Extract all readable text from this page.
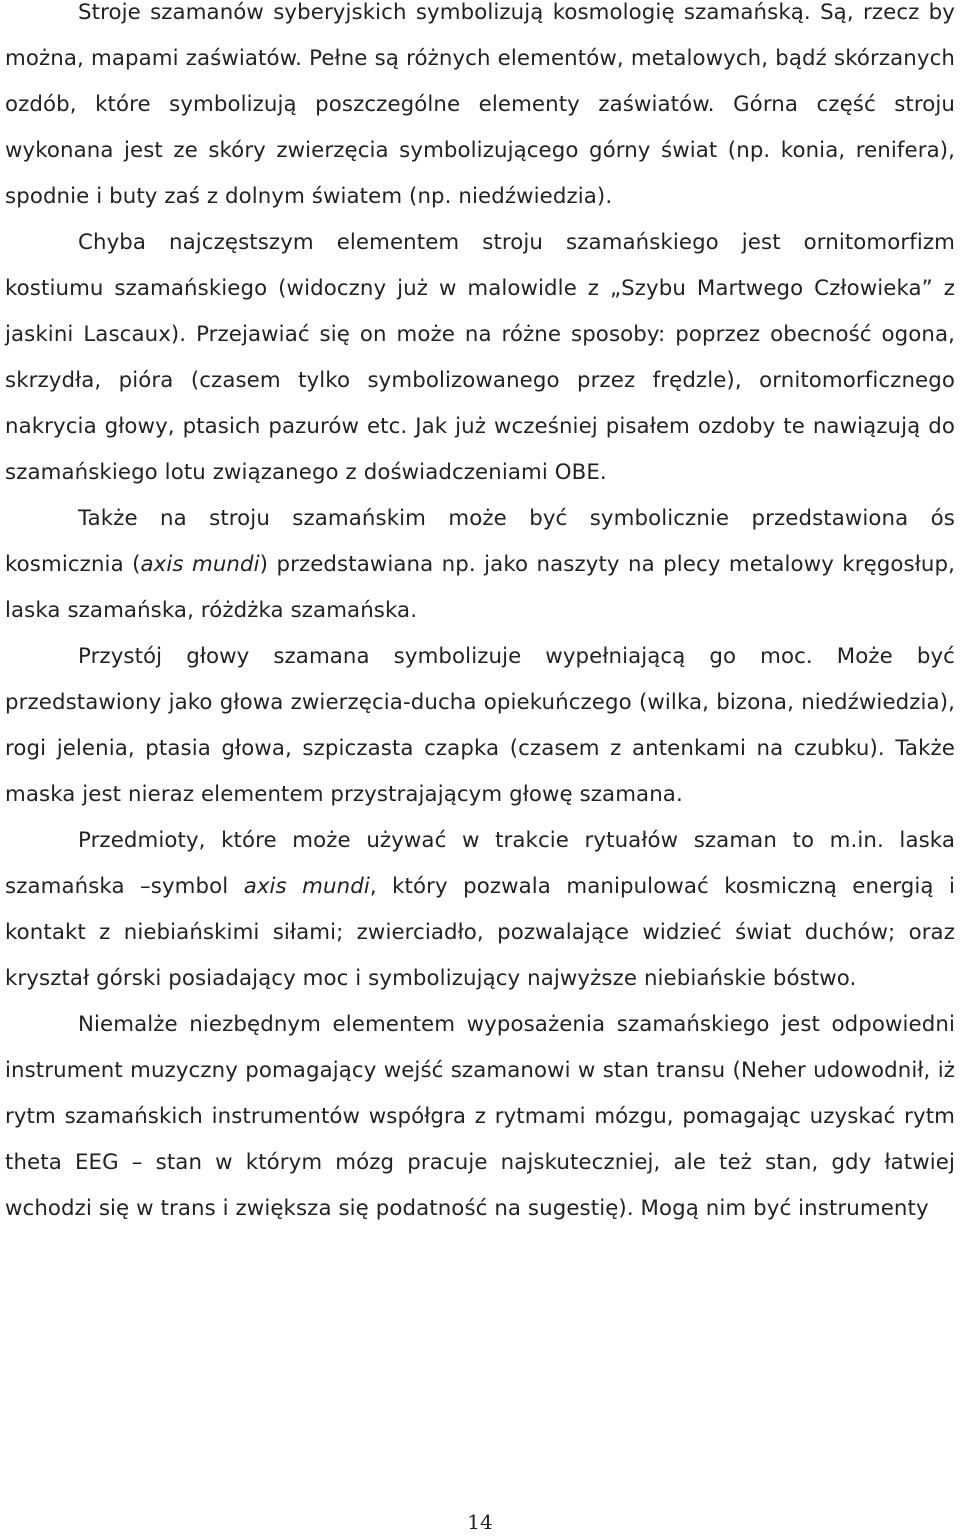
Stroje szamanów syberyjskich symbolizują kosmologię szamańską. Są, rzecz by można, mapami zaświatów. Pełne są różnych elementów, metalowych, bądź skórzanych ozdób, które symbolizują poszczególne elementy zaświatów. Górna część stroju wykonana jest ze skóry zwierzęcia symbolizującego górny świat (np. konia, renifera), spodnie i buty zaś z dolnym światem (np. niedźwiedzia).

Chyba najczęstszym elementem stroju szamańskiego jest ornitomorfizm kostiumu szamańskiego (widoczny już w malowidle z „Szybu Martwego Człowieka” z jaskini Lascaux). Przejawiać się on może na różne sposoby: poprzez obecność ogona, skrzydła, pióra (czasem tylko symbolizowanego przez frędzle), ornitomorficznego nakrycia głowy, ptasich pazurów etc. Jak już wcześniej pisałem ozdoby te nawiązują do szamańskiego lotu związanego z doświadczeniami OBE.

Także na stroju szamańskim może być symbolicznie przedstawiona ós kosmicznia (axis mundi) przedstawiana np. jako naszyty na plecy metalowy kręgosłup, laska szamańska, różdżka szamańska.

Przystój głowy szamana symbolizuje wypełniającą go moc. Może być przedstawiony jako głowa zwierzęcia-ducha opiekuńczego (wilka, bizona, niedźwiedzia), rogi jelenia, ptasia głowa, szpiczasta czapka (czasem z antenkami na czubku). Także maska jest nieraz elementem przystrajającym głowę szamana.

Przedmioty, które może używać w trakcie rytuałów szaman to m.in. laska szamańska –symbol axis mundi, który pozwala manipulować kosmiczną energią i kontakt z niebiańskimi siłami; zwierciadło, pozwalające widzieć świat duchów; oraz kryształ górski posiadający moc i symbolizujący najwyższe niebiańskie bóstwo.

Niemalże niezbędnym elementem wyposażenia szamańskiego jest odpowiedni instrument muzyczny pomagający wejść szamanowi w stan transu (Neher udowodnił, iż rytm szamańskich instrumentów współgra z rytmami mózgu, pomagając uzyskać rytm theta EEG – stan w którym mózg pracuje najskuteczniej, ale też stan, gdy łatwiej wchodzi się w trans i zwiększa się podatność na sugestię). Mogą nim być instrumenty

14
